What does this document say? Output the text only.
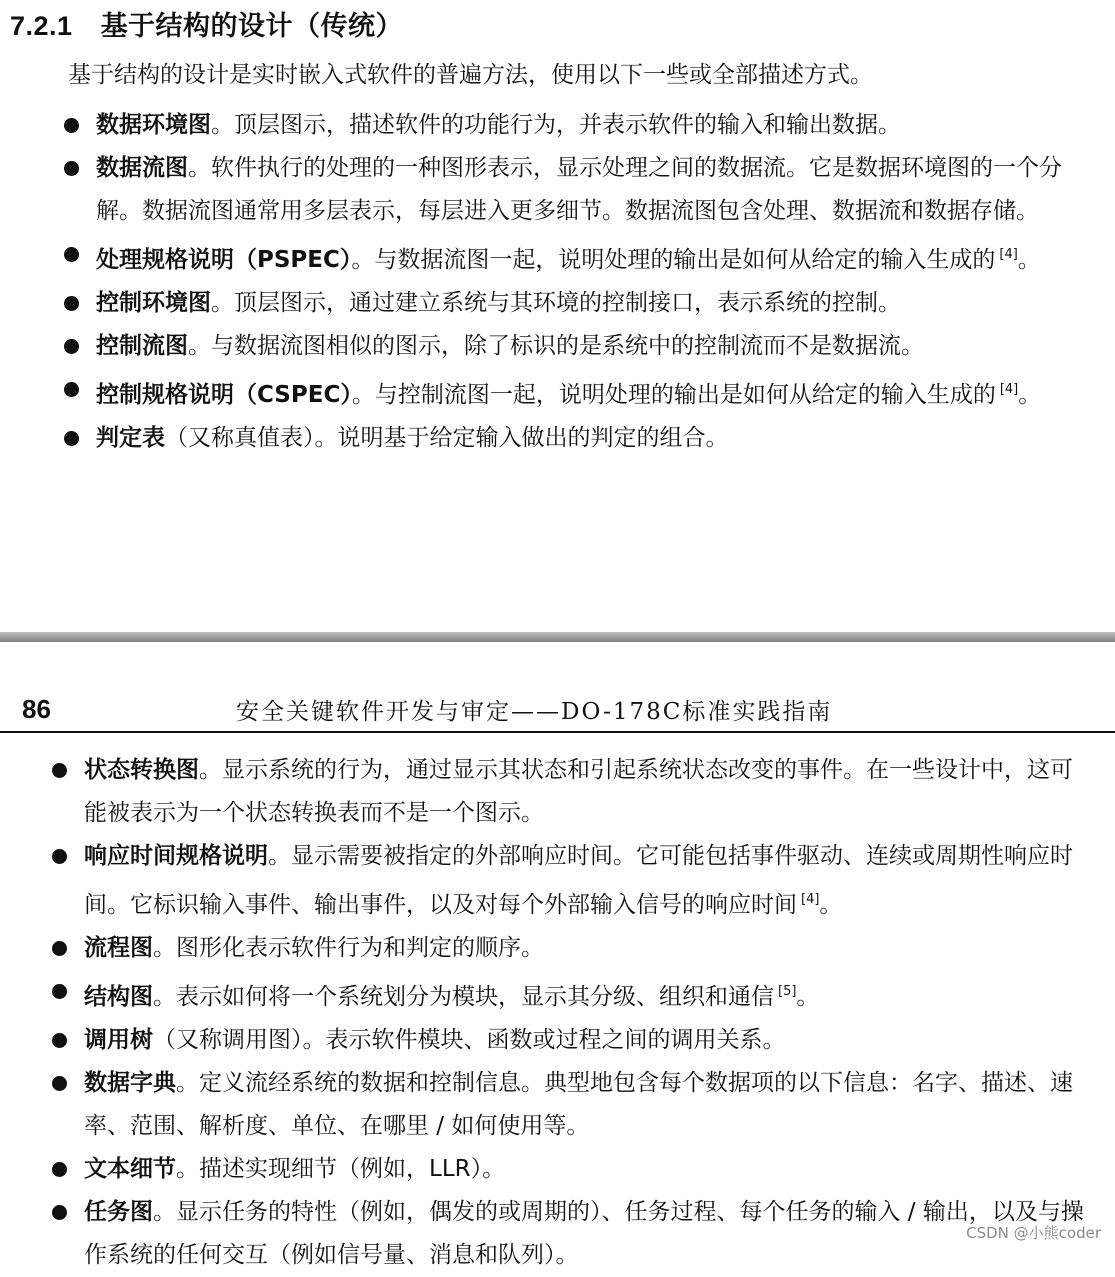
7.2.1 基于结构的设计（传统）
基于结构的设计是实时嵌入式软件的普遍方法，使用以下一些或全部描述方式。
数据环境图。顶层图示，描述软件的功能行为，并表示软件的输入和输出数据。
数据流图。软件执行的处理的一种图形表示，显示处理之间的数据流。它是数据环境图的一个分解。数据流图通常用多层表示，每层进入更多细节。数据流图包含处理、数据流和数据存储。
处理规格说明（PSPEC）。与数据流图一起，说明处理的输出是如何从给定的输入生成的 [4]。
控制环境图。顶层图示，通过建立系统与其环境的控制接口，表示系统的控制。
控制流图。与数据流图相似的图示，除了标识的是系统中的控制流而不是数据流。
控制规格说明（CSPEC）。与控制流图一起，说明处理的输出是如何从给定的输入生成的 [4]。
判定表（又称真值表）。说明基于给定输入做出的判定的组合。
86	安全关键软件开发与审定——DO-178C标准实践指南
状态转换图。显示系统的行为，通过显示其状态和引起系统状态改变的事件。在一些设计中，这可能被表示为一个状态转换表而不是一个图示。
响应时间规格说明。显示需要被指定的外部响应时间。它可能包括事件驱动、连续或周期性响应时间。它标识输入事件、输出事件，以及对每个外部输入信号的响应时间 [4]。
流程图。图形化表示软件行为和判定的顺序。
结构图。表示如何将一个系统划分为模块，显示其分级、组织和通信 [5]。
调用树（又称调用图）。表示软件模块、函数或过程之间的调用关系。
数据字典。定义流经系统的数据和控制信息。典型地包含每个数据项的以下信息：名字、描述、速率、范围、解析度、单位、在哪里 / 如何使用等。
文本细节。描述实现细节（例如，LLR）。
任务图。显示任务的特性（例如，偶发的或周期的）、任务过程、每个任务的输入 / 输出，以及与操作系统的任何交互（例如信号量、消息和队列）。
CSDN @小熊coder
